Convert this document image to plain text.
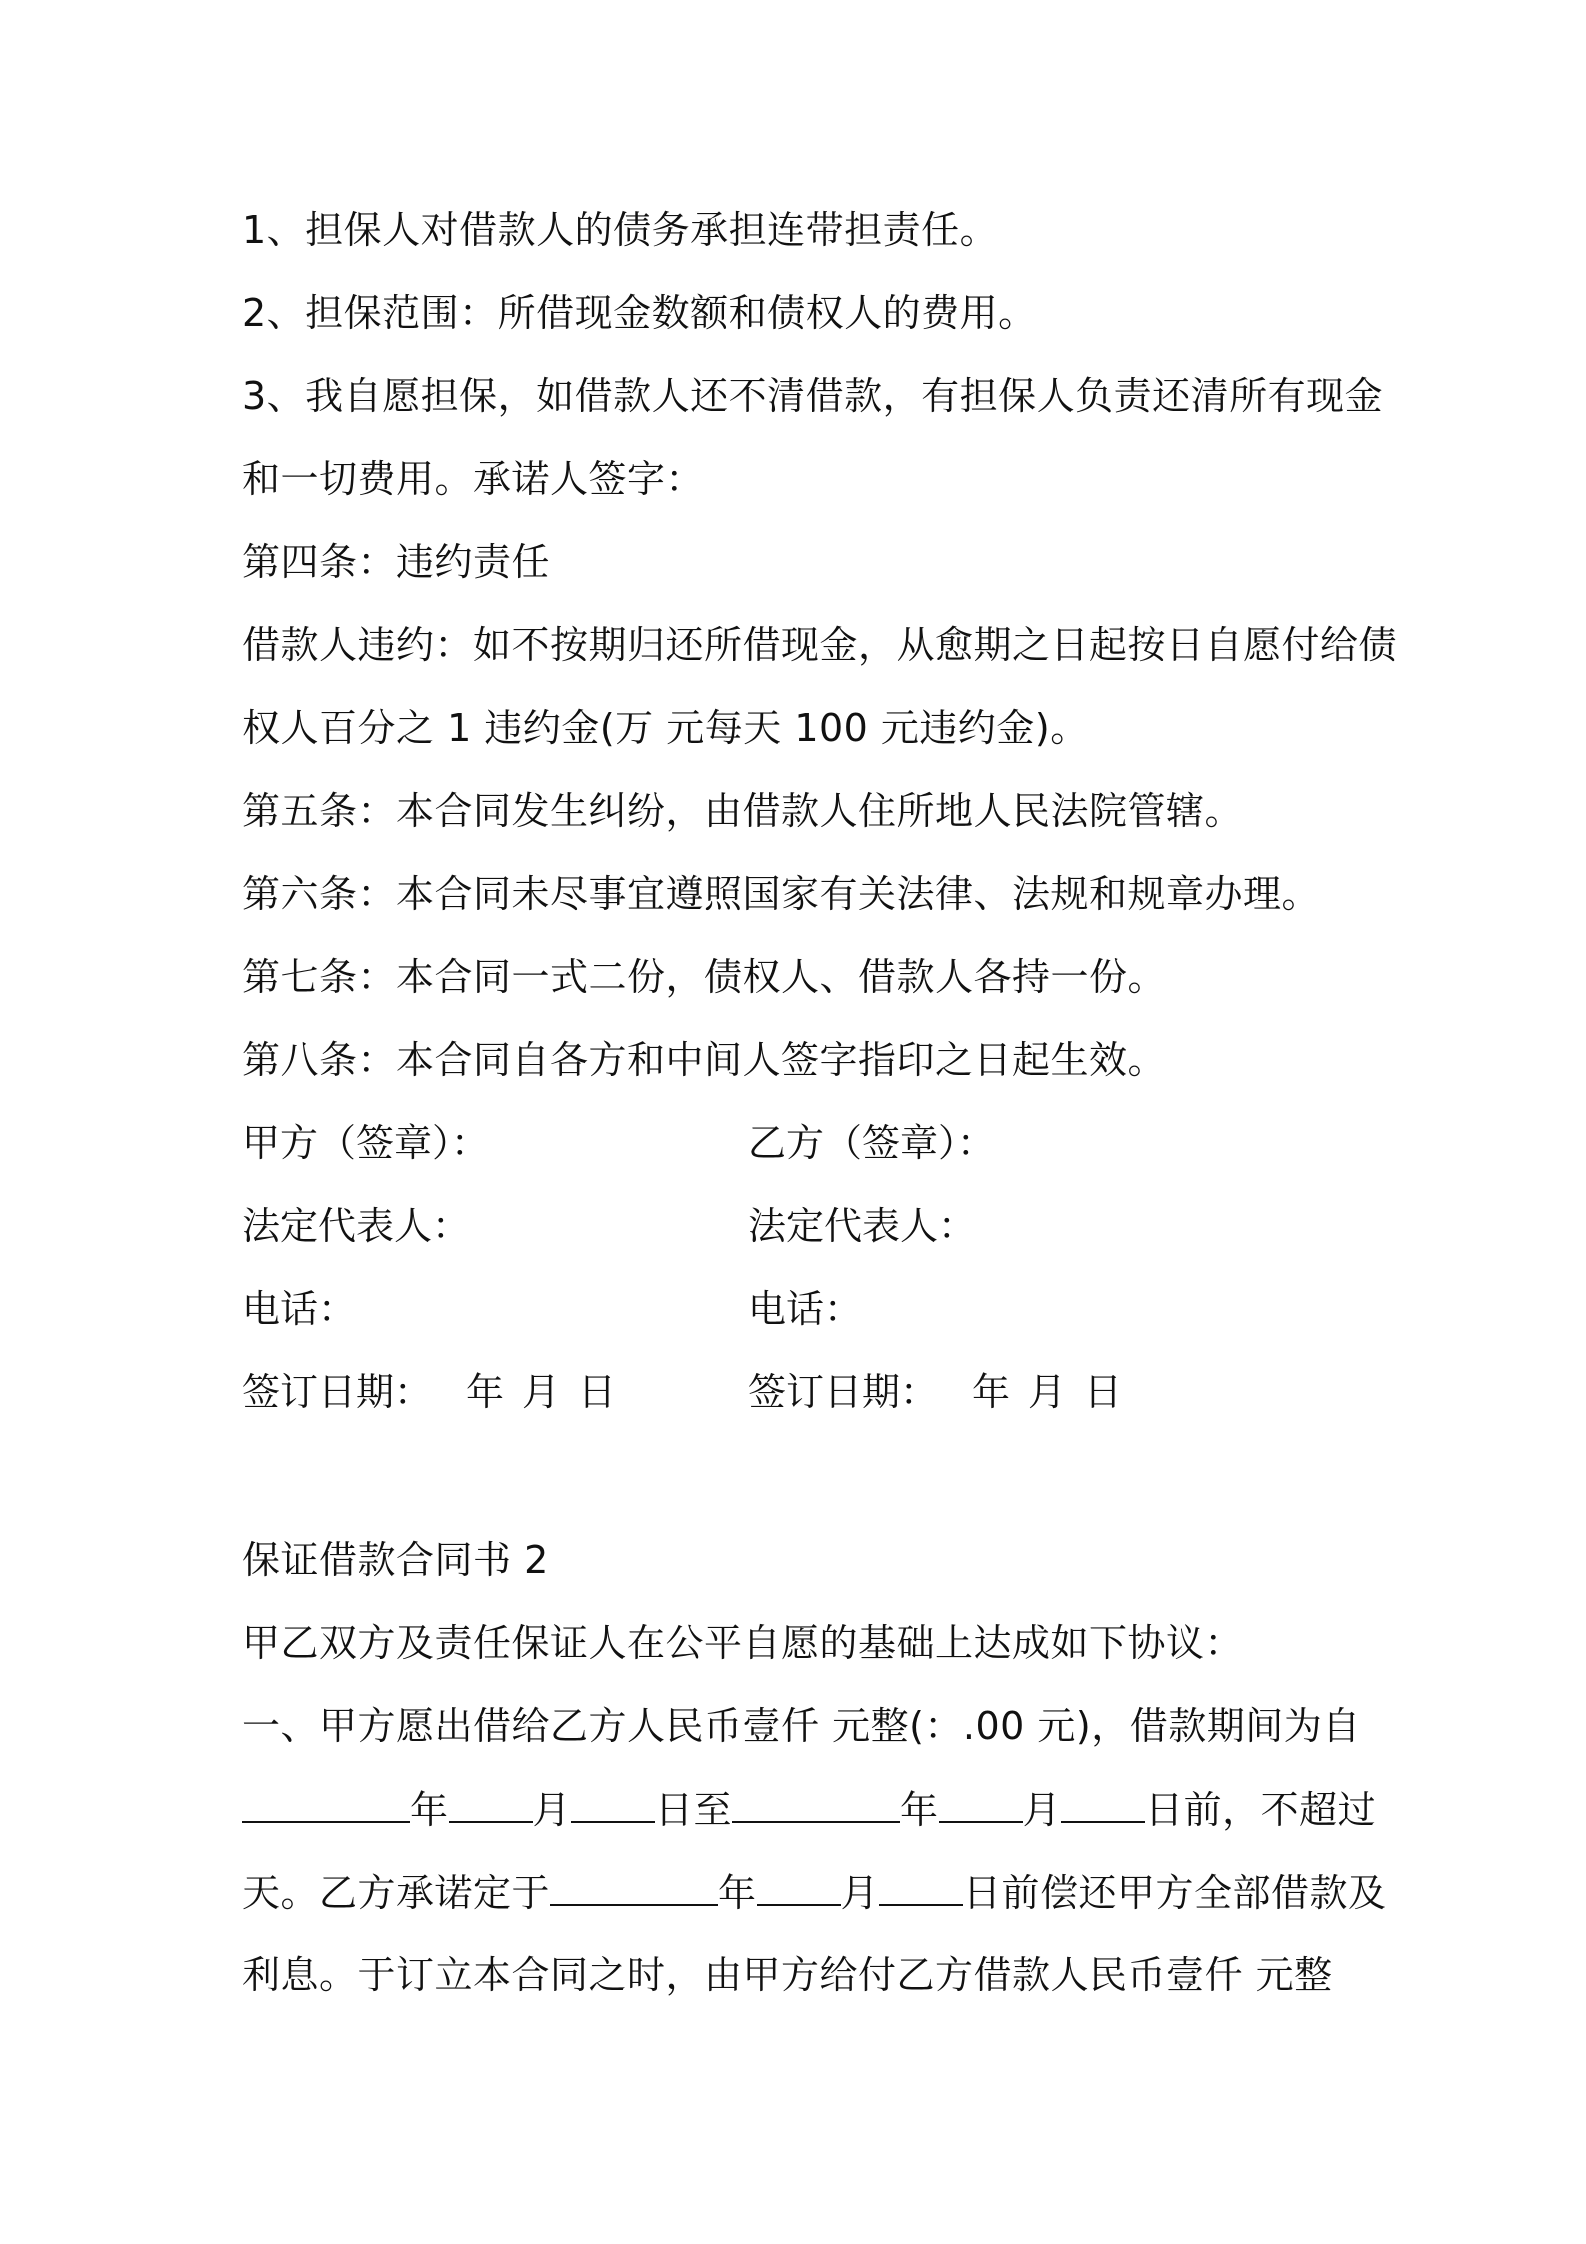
1、担保人对借款人的债务承担连带担责任。
2、担保范围：所借现金数额和债权人的费用。
3、我自愿担保，如借款人还不清借款，有担保人负责还清所有现金
和一切费用。承诺人签字：
第四条：违约责任
借款人违约：如不按期归还所借现金，从愈期之日起按日自愿付给债
权人百分之 1 违约金(万 元每天 100 元违约金)。
第五条：本合同发生纠纷，由借款人住所地人民法院管辖。
第六条：本合同未尽事宜遵照国家有关法律、法规和规章办理。
第七条：本合同一式二份，债权人、借款人各持一份。
第八条：本合同自各方和中间人签字指印之日起生效。
甲方（签章）：	乙方（签章）：
法定代表人：	法定代表人：
电话：	电话：
签订日期： 年 月 日	签订日期： 年 月 日
保证借款合同书 2
甲乙双方及责任保证人在公平自愿的基础上达成如下协议：
一、甲方愿出借给乙方人民币壹仟 元整(：.00 元)，借款期间为自
年 月 日至	年 月 日前，不超过
天。乙方承诺定于	年 月 日前偿还甲方全部借款及
利息。于订立本合同之时，由甲方给付乙方借款人民币壹仟 元整
